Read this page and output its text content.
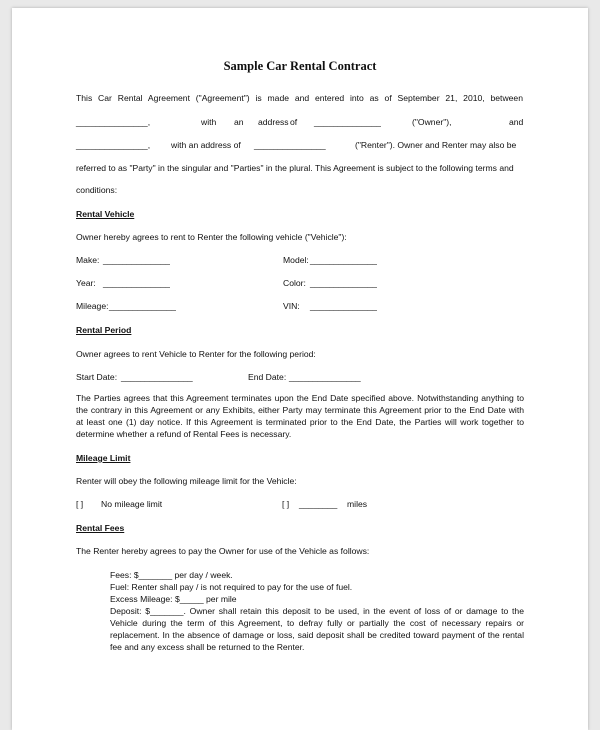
Sample Car Rental Contract
This Car Rental Agreement ("Agreement") is made and entered into as of September 21, 2010, between
_______________,	with an address of ______________	("Owner"),	and
_______________, with an address of _______________	("Renter"). Owner and Renter may also be
referred to as "Party" in the singular and "Parties" in the plural. This Agreement is subject to the following terms and
conditions:
Rental Vehicle
Owner hereby agrees to rent to Renter the following vehicle ("Vehicle"):
Make: ______________	Model: ______________
Year: ______________	Color: ______________
Mileage: ______________	VIN: ______________
Rental Period
Owner agrees to rent Vehicle to Renter for the following period:
Start Date: _______________	End Date: _______________
The Parties agrees that this Agreement terminates upon the End Date specified above. Notwithstanding anything to
the contrary in this Agreement or any Exhibits, either Party may terminate this Agreement prior to the End Date with
at least one (1) day notice. If this Agreement is terminated prior to the End Date, the Parties will work together to
determine whether a refund of Rental Fees is necessary.
Mileage Limit
Renter will obey the following mileage limit for the Vehicle:
[ ] No mileage limit	[ ] ________ miles
Rental Fees
The Renter hereby agrees to pay the Owner for use of the Vehicle as follows:
Fees: $_______ per day / week.
Fuel: Renter shall pay / is not required to pay for the use of fuel.
Excess Mileage: $_____ per mile
Deposit: $_______. Owner shall retain this deposit to be used, in the event of loss of or damage to the
Vehicle during the term of this Agreement, to defray fully or partially the cost of necessary repairs or
replacement. In the absence of damage or loss, said deposit shall be credited toward payment of the rental
fee and any excess shall be returned to the Renter.
